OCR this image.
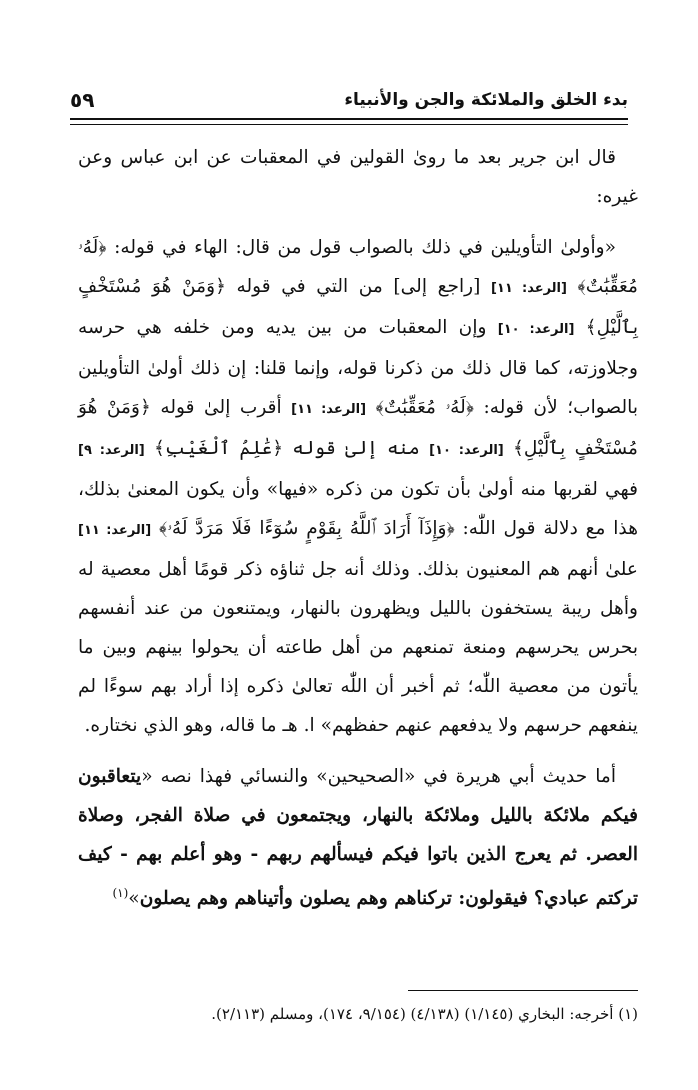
بدء الخلق والملائكة والجن والأنبياء
٥٩

قال ابن جرير بعد ما روىٰ القولين في المعقبات عن ابن عباس وعن غيره:

«وأولىٰ التأويلين في ذلك بالصواب قول من قال: الهاء في قوله: ﴿لَهُۥ مُعَقِّبَٰتٌ﴾ [الرعد: ١١] [راجع إلى] من التي في قوله ﴿وَمَنْ هُوَ مُسْتَخْفٍ بِٱلَّيْلِ﴾ [الرعد: ١٠] وإن المعقبات من بين يديه ومن خلفه هي حرسه وجلاوزته، كما قال ذلك من ذكرنا قوله، وإنما قلنا: إن ذلك أولىٰ التأويلين بالصواب؛ لأن قوله: ﴿لَهُۥ مُعَقِّبَٰتٌ﴾ [الرعد: ١١] أقرب إلىٰ قوله ﴿وَمَنْ هُوَ مُسْتَخْفٍ بِٱلَّيْلِ﴾ [الرعد: ١٠] منه إلىٰ قوله ﴿عَٰلِمُ ٱلْغَيْبِ﴾ [الرعد: ٩] فهي لقربها منه أولىٰ بأن تكون من ذكره «فيها» وأن يكون المعنىٰ بذلك، هذا مع دلالة قول اللّٰه: ﴿وَإِذَآ أَرَادَ ٱللَّهُ بِقَوْمٍ سُوٓءًا فَلَا مَرَدَّ لَهُۥ﴾ [الرعد: ١١] علىٰ أنهم هم المعنيون بذلك. وذلك أنه جل ثناؤه ذكر قومًا أهل معصية له وأهل ريبة يستخفون بالليل ويظهرون بالنهار، ويمتنعون من عند أنفسهم بحرس يحرسهم ومنعة تمنعهم من أهل طاعته أن يحولوا بينهم وبين ما يأتون من معصية اللّٰه؛ ثم أخبر أن اللّٰه تعالىٰ ذكره إذا أراد بهم سوءًا لم ينفعهم حرسهم ولا يدفعهم عنهم حفظهم» ا. هـ ما قاله، وهو الذي نختاره.

أما حديث أبي هريرة في «الصحيحين» والنسائي فهذا نصه «يتعاقبون فيكم ملائكة بالليل وملائكة بالنهار، ويجتمعون في صلاة الفجر، وصلاة العصر. ثم يعرج الذين باتوا فيكم فيسألهم ربهم - وهو أعلم بهم - كيف تركتم عبادي؟ فيقولون: تركناهم وهم يصلون وأتيناهم وهم يصلون»$^{(١)}$

(١) أخرجه: البخاري (١/١٤٥) (٤/١٣٨) (٩/١٥٤، ١٧٤)، ومسلم (٢/١١٣).
